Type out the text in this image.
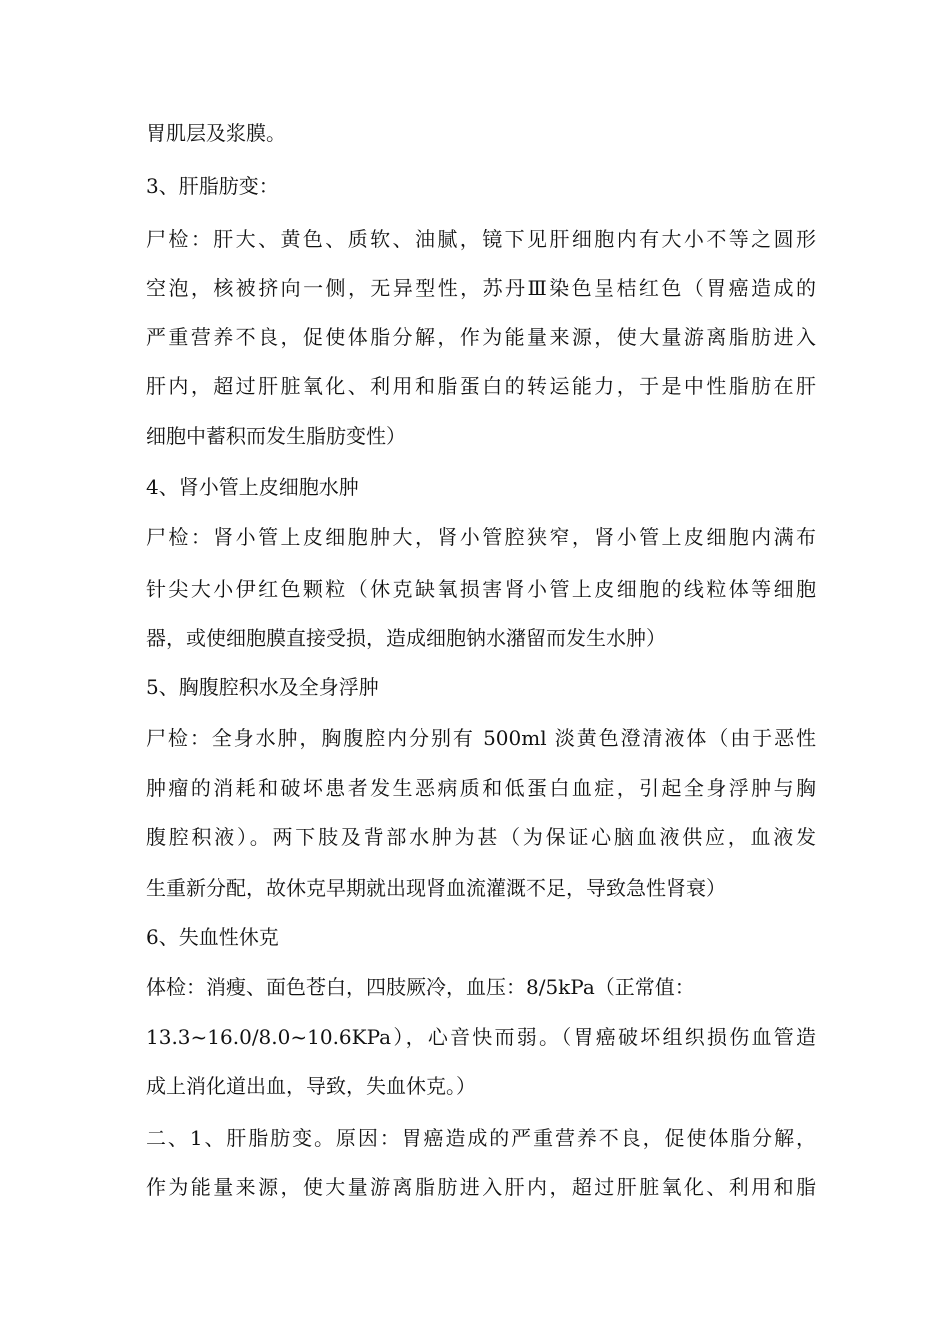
胃肌层及浆膜。
3、肝脂肪变：
尸检：肝大、黄色、质软、油腻，镜下见肝细胞内有大小不等之圆形
空泡，核被挤向一侧，无异型性，苏丹Ⅲ染色呈桔红色（胃癌造成的
严重营养不良，促使体脂分解，作为能量来源，使大量游离脂肪进入
肝内，超过肝脏氧化、利用和脂蛋白的转运能力，于是中性脂肪在肝
细胞中蓄积而发生脂肪变性）
4、肾小管上皮细胞水肿
尸检：肾小管上皮细胞肿大，肾小管腔狭窄，肾小管上皮细胞内满布
针尖大小伊红色颗粒（休克缺氧损害肾小管上皮细胞的线粒体等细胞
器，或使细胞膜直接受损，造成细胞钠水潴留而发生水肿）
5、胸腹腔积水及全身浮肿
尸检：全身水肿，胸腹腔内分别有 500ml 淡黄色澄清液体（由于恶性
肿瘤的消耗和破坏患者发生恶病质和低蛋白血症，引起全身浮肿与胸
腹腔积液）。两下肢及背部水肿为甚（为保证心脑血液供应，血液发
生重新分配，故休克早期就出现肾血流灌溉不足，导致急性肾衰）
6、失血性休克
体检：消瘦、面色苍白，四肢厥冷，血压：8/5kPa（正常值：
13.3~16.0/8.0~10.6KPa），心音快而弱。（胃癌破坏组织损伤血管造
成上消化道出血，导致，失血休克。）
二、1、肝脂肪变。原因：胃癌造成的严重营养不良，促使体脂分解，
作为能量来源，使大量游离脂肪进入肝内，超过肝脏氧化、利用和脂
